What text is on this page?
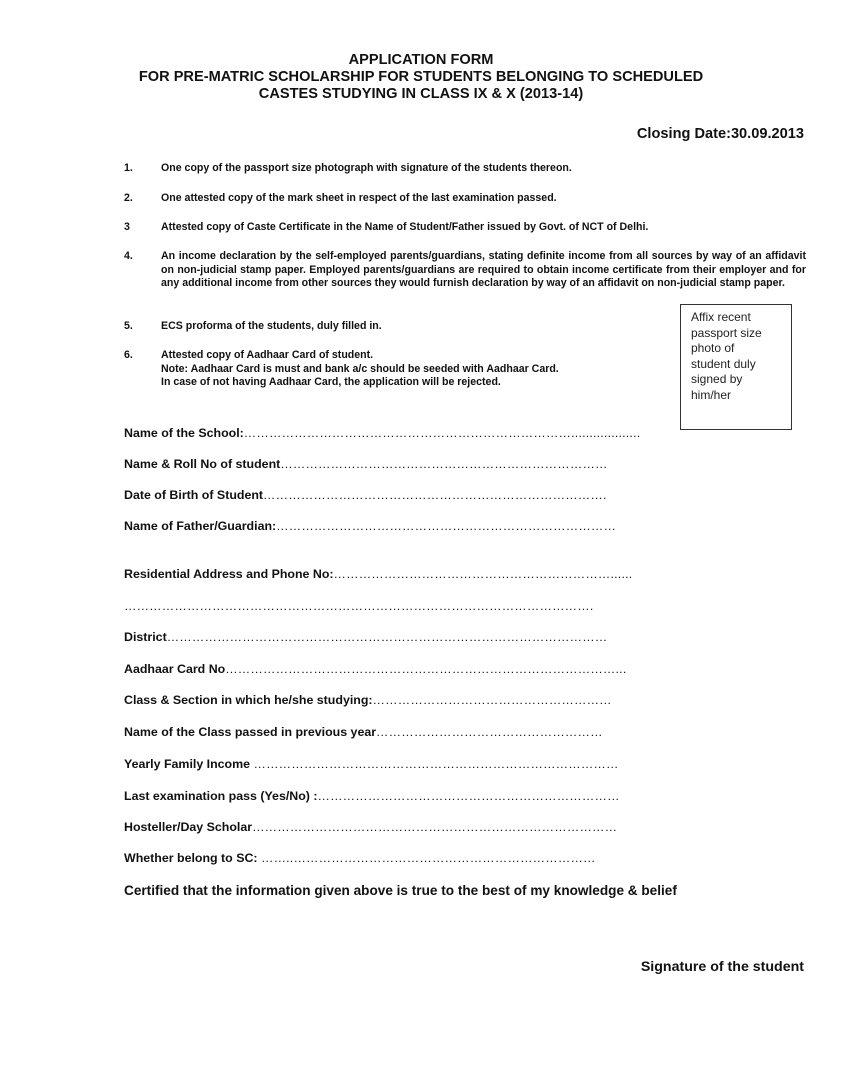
APPLICATION FORM
FOR PRE-MATRIC SCHOLARSHIP FOR STUDENTS BELONGING TO SCHEDULED
CASTES STUDYING IN CLASS IX & X (2013-14)
Closing Date:30.09.2013
1.	One copy of the passport size photograph with signature of the students thereon.
2.	One attested copy of the mark sheet in respect of the last examination passed.
3	Attested copy of Caste Certificate in the Name of Student/Father issued by Govt. of NCT of Delhi.
4.	An income declaration by the self-employed parents/guardians, stating definite income from all sources by way of an affidavit on non-judicial stamp paper. Employed parents/guardians are required to obtain income certificate from their employer and for any additional income from other sources they would furnish declaration by way of an affidavit on non-judicial stamp paper.
5.	ECS proforma of the students, duly filled in.
6.	Attested copy of Aadhaar Card of student.
Note: Aadhaar Card is must and bank a/c should be seeded with Aadhaar Card.
In case of not having Aadhaar Card, the application will be rejected.
Affix recent
passport size
photo of
student duly
signed by
him/her
Name of the School:……………………………………………………………………...................
Name & Roll No of student……………………………………………………………………
Date of Birth of Student……………………………………………………………………….
Name of Father/Guardian:………………………………………………………………………
Residential Address and Phone No:…………………………………………………………......
………………………………………………………………………………………………….
District……………………………………………………………………………………………
Aadhaar Card No…………………………………………………………………………………...
Class & Section in which he/she studying:…………………………………………………
Name of the Class passed in previous year………………………………………………
Yearly Family Income ……………………………………………………………………………
Last examination pass (Yes/No) :………………………………………………………………
Hosteller/Day Scholar……………………………………………………………………………
Whether belong to SC: ……..………………………………………………………………
Certified that the information given above is true to the best of my knowledge & belief
Signature of the student
